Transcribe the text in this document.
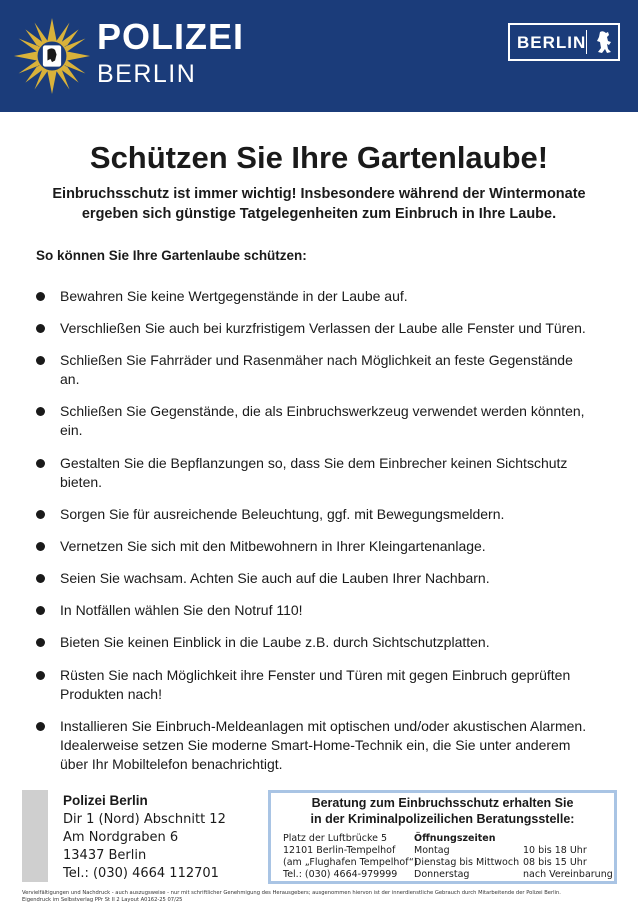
POLIZEI
BERLIN
BERLIN
Schützen Sie Ihre Gartenlaube!
Einbruchsschutz ist immer wichtig! Insbesondere während der Wintermonate
ergeben sich günstige Tatgelegenheiten zum Einbruch in Ihre Laube.
So können Sie Ihre Gartenlaube schützen:
Bewahren Sie keine Wertgegenstände in der Laube auf.
Verschließen Sie auch bei kurzfristigem Verlassen der Laube alle Fenster und Türen.
Schließen Sie Fahrräder und Rasenmäher nach Möglichkeit an feste Gegenstände
an.
Schließen Sie Gegenstände, die als Einbruchswerkzeug verwendet werden könnten,
ein.
Gestalten Sie die Bepflanzungen so, dass Sie dem Einbrecher keinen Sichtschutz
bieten.
Sorgen Sie für ausreichende Beleuchtung, ggf. mit Bewegungsmeldern.
Vernetzen Sie sich mit den Mitbewohnern in Ihrer Kleingartenanlage.
Seien Sie wachsam. Achten Sie auch auf die Lauben Ihrer Nachbarn.
In Notfällen wählen Sie den Notruf 110!
Bieten Sie keinen Einblick in die Laube z.B. durch Sichtschutzplatten.
Rüsten Sie nach Möglichkeit ihre Fenster und Türen mit gegen Einbruch geprüften
Produkten nach!
Installieren Sie Einbruch-Meldeanlagen mit optischen und/oder akustischen Alarmen.
Idealerweise setzen Sie moderne Smart-Home-Technik ein, die Sie unter anderem
über Ihr Mobiltelefon benachrichtigt.
Polizei Berlin
Dir 1 (Nord) Abschnitt 12
Am Nordgraben 6
13437 Berlin
Tel.: (030) 4664 112701
Beratung zum Einbruchsschutz erhalten Sie
in der Kriminalpolizeilichen Beratungsstelle:
Platz der Luftbrücke 5
12101 Berlin-Tempelhof
(am „Flughafen Tempelhof“)
Tel.: (030) 4664-979999
Öffnungszeiten
Montag
Dienstag bis Mittwoch
Donnerstag
10 bis 18 Uhr
08 bis 15 Uhr
nach Vereinbarung
Vervielfältigungen und Nachdruck - auch auszugsweise - nur mit schriftlicher Genehmigung des Herausgebers; ausgenommen hiervon ist der innerdienstliche Gebrauch durch Mitarbeitende der Polizei Berlin.
Eigendruck im Selbstverlag PPr St II 2 Layout A0162-25 07/25
